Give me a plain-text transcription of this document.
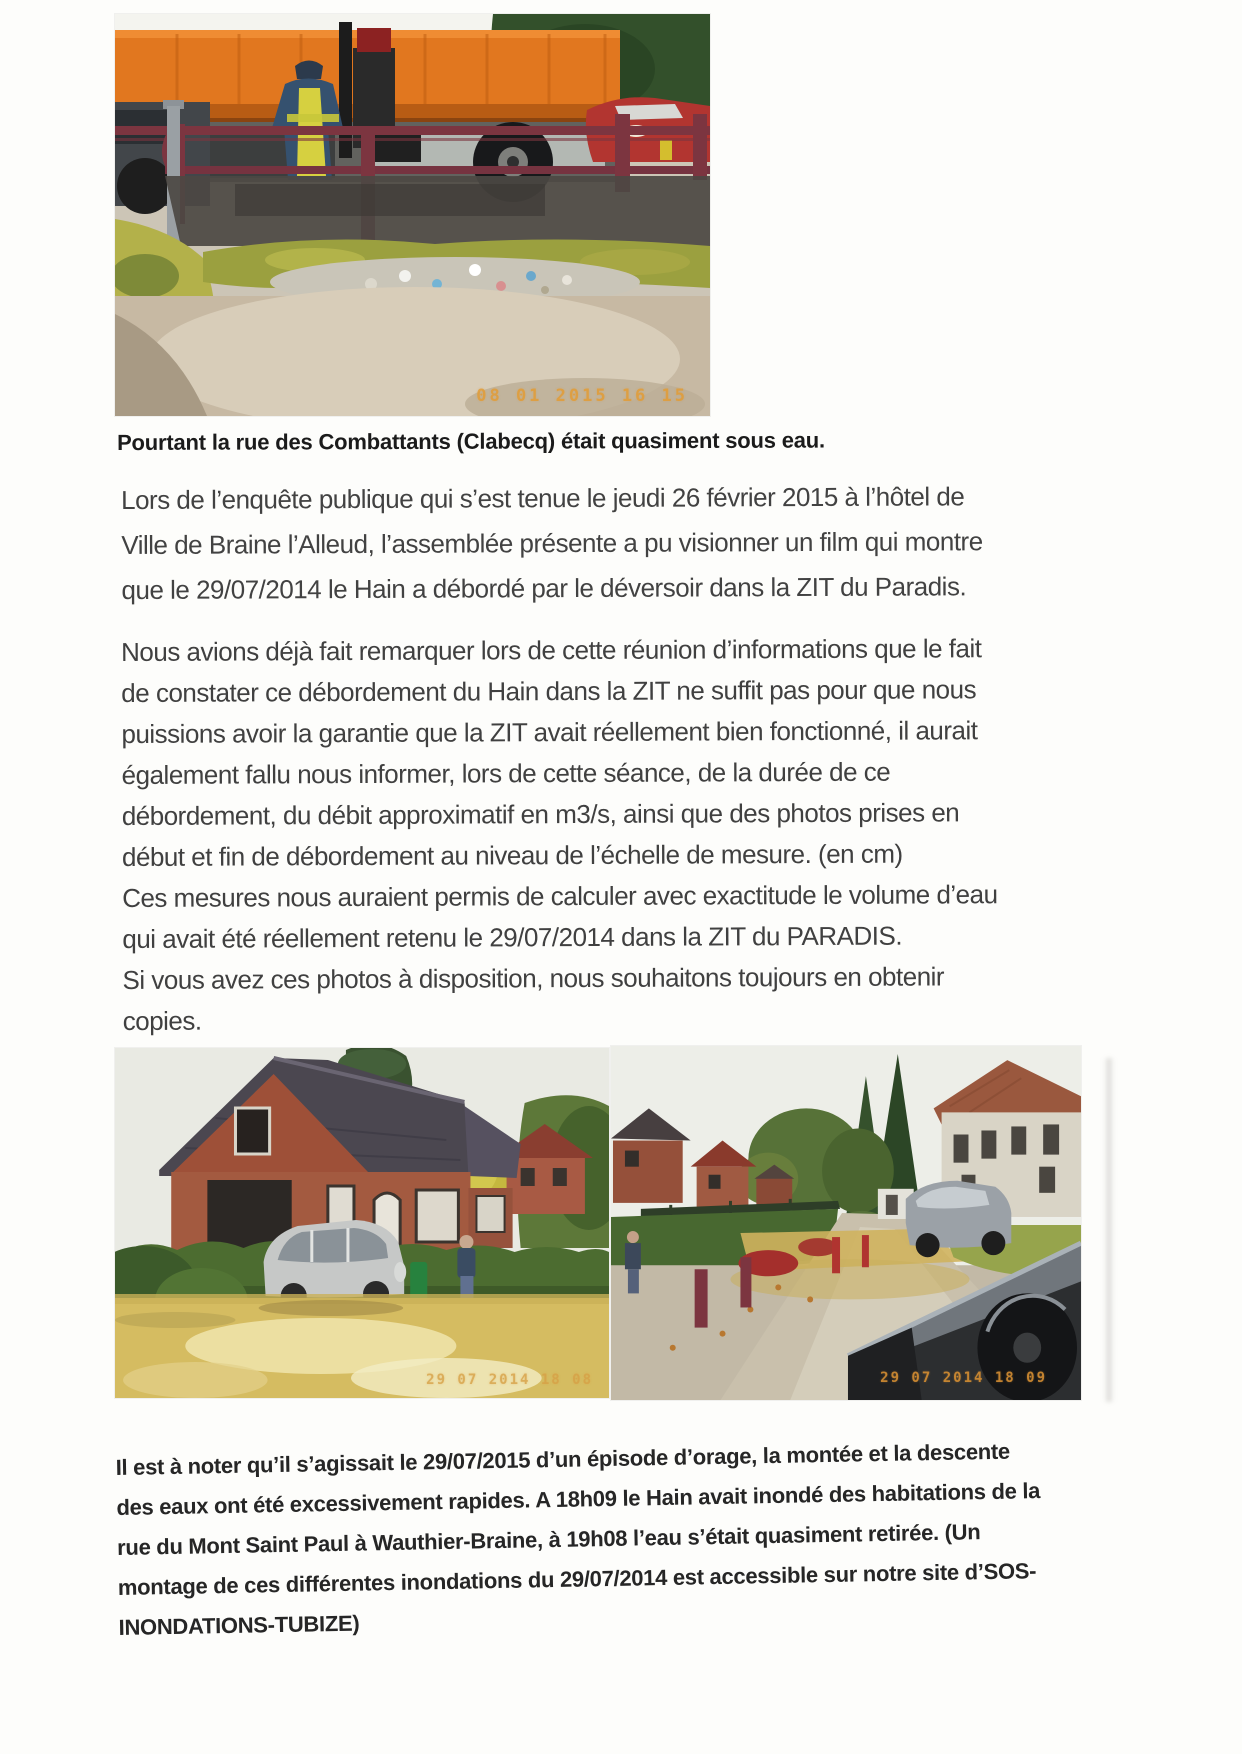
08 01 2015 16 15
Pourtant la rue des Combattants (Clabecq) était quasiment sous eau.
Lors de l’enquête publique qui s’est tenue le jeudi 26 février 2015 à l’hôtel de
Ville de Braine l’Alleud, l’assemblée présente a pu visionner un film qui montre
que le 29/07/2014 le Hain a débordé par le déversoir dans la ZIT du Paradis.
Nous avions déjà fait remarquer lors de cette réunion d’informations que le fait
de constater ce débordement du Hain dans la ZIT ne suffit pas pour que nous
puissions avoir la garantie que la ZIT avait réellement bien fonctionné, il aurait
également fallu nous informer, lors de cette séance, de la durée de ce
débordement, du débit approximatif en m3/s, ainsi que des photos prises en
début et fin de débordement au niveau de l’échelle de mesure. (en cm)
Ces mesures nous auraient permis de calculer avec exactitude le volume d’eau
qui avait été réellement retenu le 29/07/2014 dans la ZIT du PARADIS.
Si vous avez ces photos à disposition, nous souhaitons toujours en obtenir
copies.
29 07 2014 18 08	29 07 2014 18 09
Il est à noter qu’il s’agissait le 29/07/2015 d’un épisode d’orage, la montée et la descente
des eaux ont été excessivement rapides. A 18h09 le Hain avait inondé des habitations de la
rue du Mont Saint Paul à Wauthier-Braine, à 19h08 l’eau s’était quasiment retirée. (Un
montage de ces différentes inondations du 29/07/2014 est accessible sur notre site d’SOS-
INONDATIONS-TUBIZE)
